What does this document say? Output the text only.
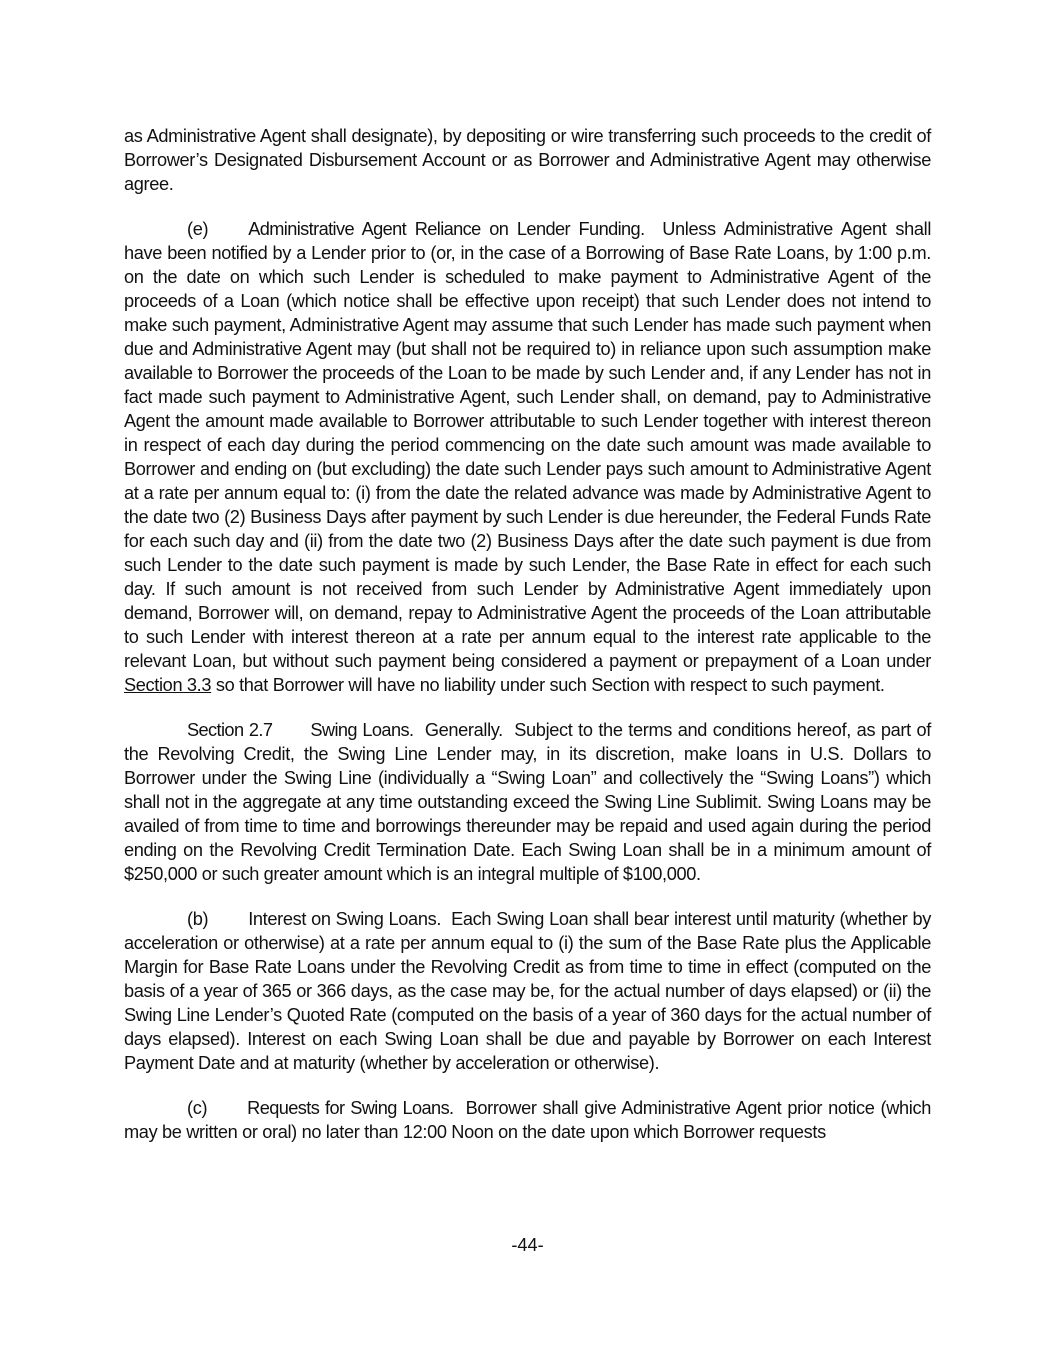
as Administrative Agent shall designate), by depositing or wire transferring such proceeds to the credit of Borrower’s Designated Disbursement Account or as Borrower and Administrative Agent may otherwise agree.

(e) Administrative Agent Reliance on Lender Funding. Unless Administrative Agent shall have been notified by a Lender prior to (or, in the case of a Borrowing of Base Rate Loans, by 1:00 p.m. on the date on which such Lender is scheduled to make payment to Administrative Agent of the proceeds of a Loan (which notice shall be effective upon receipt) that such Lender does not intend to make such payment, Administrative Agent may assume that such Lender has made such payment when due and Administrative Agent may (but shall not be required to) in reliance upon such assumption make available to Borrower the proceeds of the Loan to be made by such Lender and, if any Lender has not in fact made such payment to Administrative Agent, such Lender shall, on demand, pay to Administrative Agent the amount made available to Borrower attributable to such Lender together with interest thereon in respect of each day during the period commencing on the date such amount was made available to Borrower and ending on (but excluding) the date such Lender pays such amount to Administrative Agent at a rate per annum equal to: (i) from the date the related advance was made by Administrative Agent to the date two (2) Business Days after payment by such Lender is due hereunder, the Federal Funds Rate for each such day and (ii) from the date two (2) Business Days after the date such payment is due from such Lender to the date such payment is made by such Lender, the Base Rate in effect for each such day. If such amount is not received from such Lender by Administrative Agent immediately upon demand, Borrower will, on demand, repay to Administrative Agent the proceeds of the Loan attributable to such Lender with interest thereon at a rate per annum equal to the interest rate applicable to the relevant Loan, but without such payment being considered a payment or prepayment of a Loan under Section 3.3 so that Borrower will have no liability under such Section with respect to such payment.

Section 2.7 Swing Loans. Generally. Subject to the terms and conditions hereof, as part of the Revolving Credit, the Swing Line Lender may, in its discretion, make loans in U.S. Dollars to Borrower under the Swing Line (individually a “Swing Loan” and collectively the “Swing Loans”) which shall not in the aggregate at any time outstanding exceed the Swing Line Sublimit. Swing Loans may be availed of from time to time and borrowings thereunder may be repaid and used again during the period ending on the Revolving Credit Termination Date. Each Swing Loan shall be in a minimum amount of $250,000 or such greater amount which is an integral multiple of $100,000.

(b) Interest on Swing Loans. Each Swing Loan shall bear interest until maturity (whether by acceleration or otherwise) at a rate per annum equal to (i) the sum of the Base Rate plus the Applicable Margin for Base Rate Loans under the Revolving Credit as from time to time in effect (computed on the basis of a year of 365 or 366 days, as the case may be, for the actual number of days elapsed) or (ii) the Swing Line Lender’s Quoted Rate (computed on the basis of a year of 360 days for the actual number of days elapsed). Interest on each Swing Loan shall be due and payable by Borrower on each Interest Payment Date and at maturity (whether by acceleration or otherwise).

(c) Requests for Swing Loans. Borrower shall give Administrative Agent prior notice (which may be written or oral) no later than 12:00 Noon on the date upon which Borrower requests

-44-
